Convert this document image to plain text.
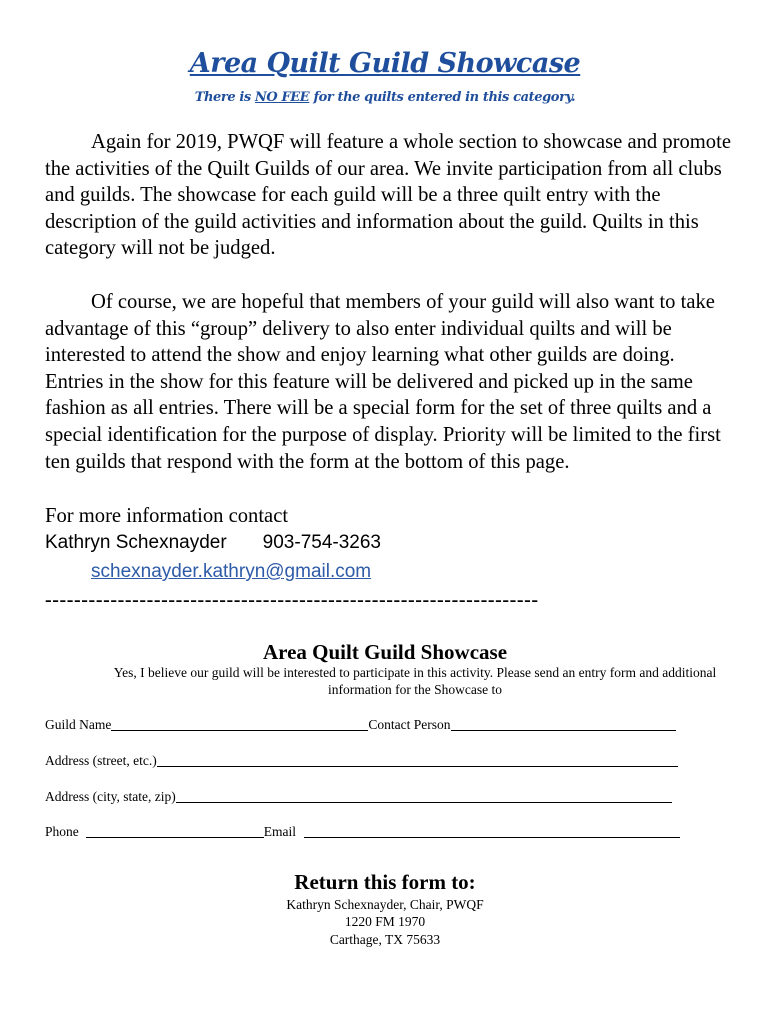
Area Quilt Guild Showcase
There is NO FEE for the quilts entered in this category.

Again for 2019, PWQF will feature a whole section to showcase and promote the activities of the Quilt Guilds of our area. We invite participation from all clubs and guilds. The showcase for each guild will be a three quilt entry with the description of the guild activities and information about the guild. Quilts in this category will not be judged.

Of course, we are hopeful that members of your guild will also want to take advantage of this “group” delivery to also enter individual quilts and will be interested to attend the show and enjoy learning what other guilds are doing. Entries in the show for this feature will be delivered and picked up in the same fashion as all entries. There will be a special form for the set of three quilts and a special identification for the purpose of display. Priority will be limited to the first ten guilds that respond with the form at the bottom of this page.

For more information contact
Kathryn Schexnayder 903-754-3263
schexnayder.kathryn@gmail.com
--------------------------------------------------------------------
Area Quilt Guild Showcase

Yes, I believe our guild will be interested to participate in this activity. Please send an entry form and additional information for the Showcase to

Guild Name	Contact Person
Address (street, etc.)
Address (city, state, zip)
Phone	Email
Return this form to:
Kathryn Schexnayder, Chair, PWQF
1220 FM 1970
Carthage, TX 75633
